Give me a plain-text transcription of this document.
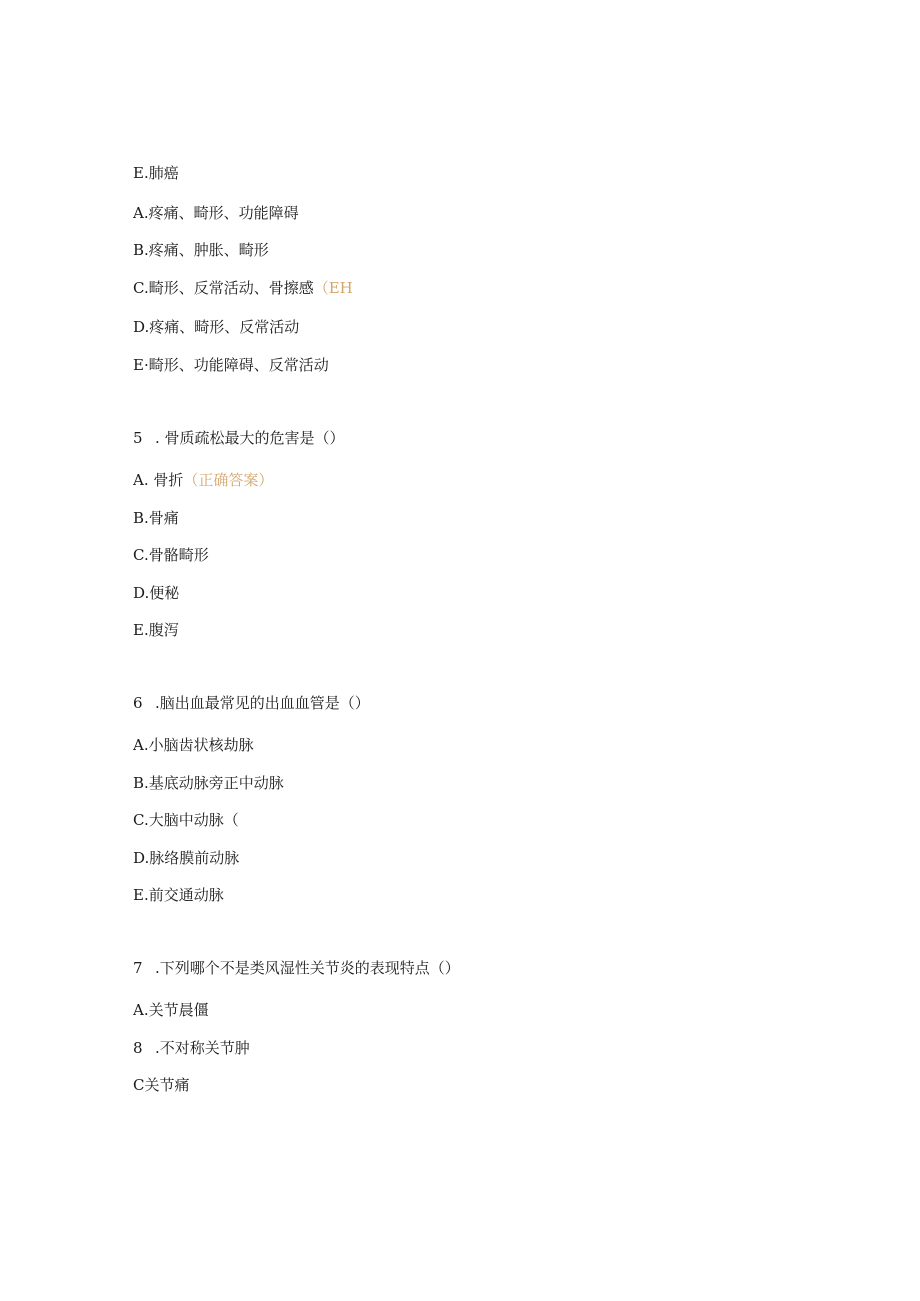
E.肺癌
A.疼痛、畸形、功能障碍
B.疼痛、肿胀、畸形
C.畸形、反常活动、骨擦感（EH
D.疼痛、畸形、反常活动
E·畸形、功能障碍、反常活动
5 . 骨质疏松最大的危害是（）
A. 骨折（正确答案）
B.骨痛
C.骨骼畸形
D.便秘
E.腹泻
6 .脑出血最常见的出血血管是（）
A.小脑齿状核劫脉
B.基底动脉旁正中动脉
C.大脑中动脉（
D.脉络膜前动脉
E.前交通动脉
7 .下列哪个不是类风湿性关节炎的表现特点（）
A.关节晨僵
8 .不对称关节肿
C关节痛
